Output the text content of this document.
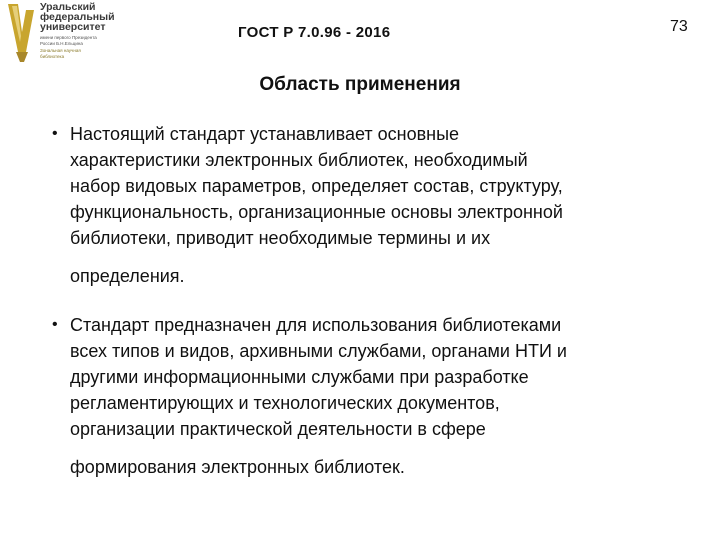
Уральский
федеральный
университет
имени первого Президента
России Б.Н.Ельцина
Зональная научная
библиотека
ГОСТ Р 7.0.96 - 2016	73
Область применения
• Настоящий стандарт устанавливает основные
характеристики электронных библиотек, необходимый
набор видовых параметров, определяет состав, структуру,
функциональность, организационные основы электронной
библиотеки, приводит необходимые термины и их
определения.
• Стандарт предназначен для использования библиотеками
всех типов и видов, архивными службами, органами НТИ и
другими информационными службами при разработке
регламентирующих и технологических документов,
организации практической деятельности в сфере
формирования электронных библиотек.
